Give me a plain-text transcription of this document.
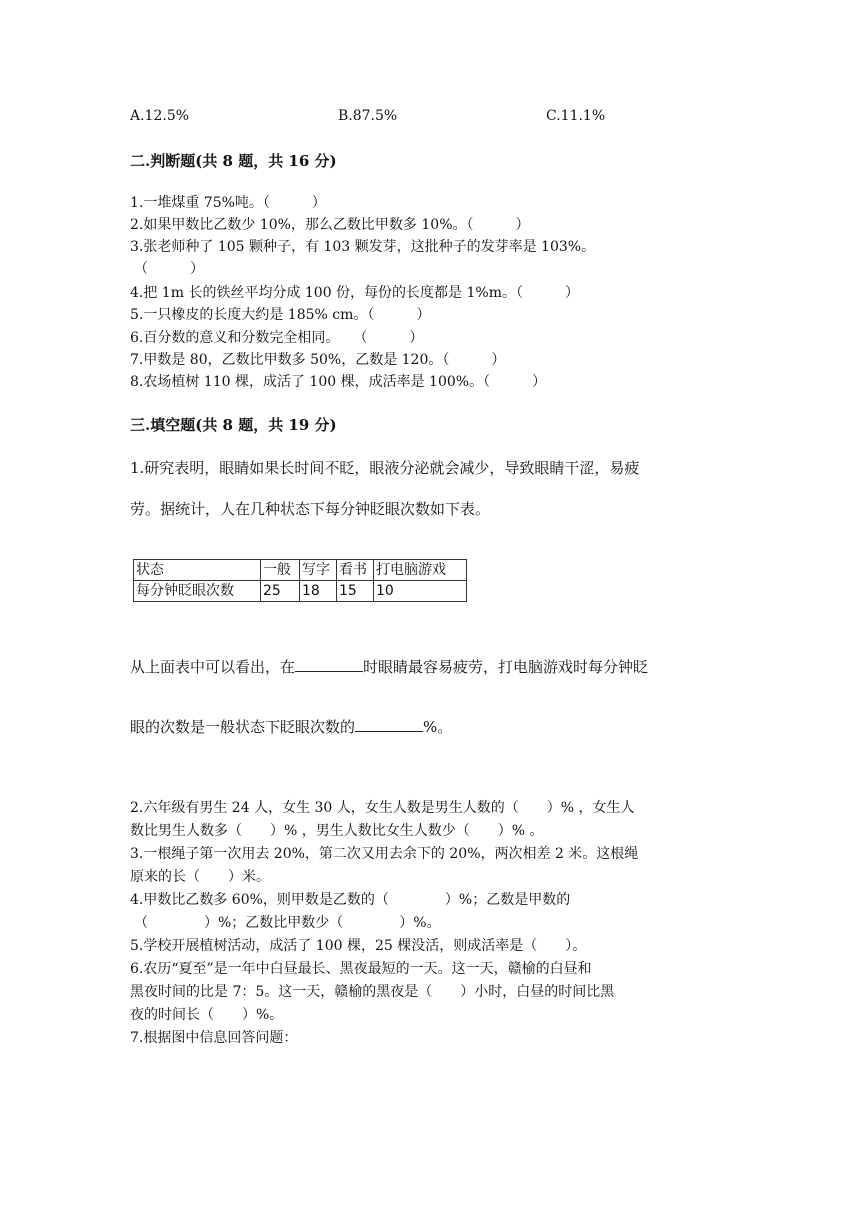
A.12.5%	B.87.5%	C.11.1%
二.判断题(共 8 题，共 16 分)
1.一堆煤重 75%吨。（　　　）
2.如果甲数比乙数少 10%，那么乙数比甲数多 10%。（　　　）
3.张老师种了 105 颗种子，有 103 颗发芽，这批种子的发芽率是 103%。
（　　　）
4.把 1m 长的铁丝平均分成 100 份，每份的长度都是 1%m。（　　　）
5.一只橡皮的长度大约是 185% cm。（　　　）
6.百分数的意义和分数完全相同。　　（　　　）
7.甲数是 80，乙数比甲数多 50%，乙数是 120。（　　　）
8.农场植树 110 棵，成活了 100 棵，成活率是 100%。（　　　）
三.填空题(共 8 题，共 19 分)
1.研究表明，眼睛如果长时间不眨，眼液分泌就会减少，导致眼睛干涩，易疲
劳。据统计，人在几种状态下每分钟眨眼次数如下表。
状态	一般	写字	看书	打电脑游戏
每分钟眨眼次数	25	18	15	10
从上面表中可以看出，在	时眼睛最容易疲劳，打电脑游戏时每分钟眨
眼的次数是一般状态下眨眼次数的	%。
2.六年级有男生 24 人，女生 30 人，女生人数是男生人数的（　　）% ，女生人
数比男生人数多（　　）% ，男生人数比女生人数少（　　）% 。
3.一根绳子第一次用去 20%，第二次又用去余下的 20%，两次相差 2 米。这根绳
原来的长（　　）米。
4.甲数比乙数多 60%，则甲数是乙数的（　　　　）%；乙数是甲数的
（　　　　）%；乙数比甲数少（　　　　）%。
5.学校开展植树活动，成活了 100 棵，25 棵没活，则成活率是（　　）。
6.农历“夏至”是一年中白昼最长、黑夜最短的一天。这一天，赣榆的白昼和
黑夜时间的比是 7：5。这一天，赣榆的黑夜是（　　）小时，白昼的时间比黑
夜的时间长（　　）%。
7.根据图中信息回答问题：
